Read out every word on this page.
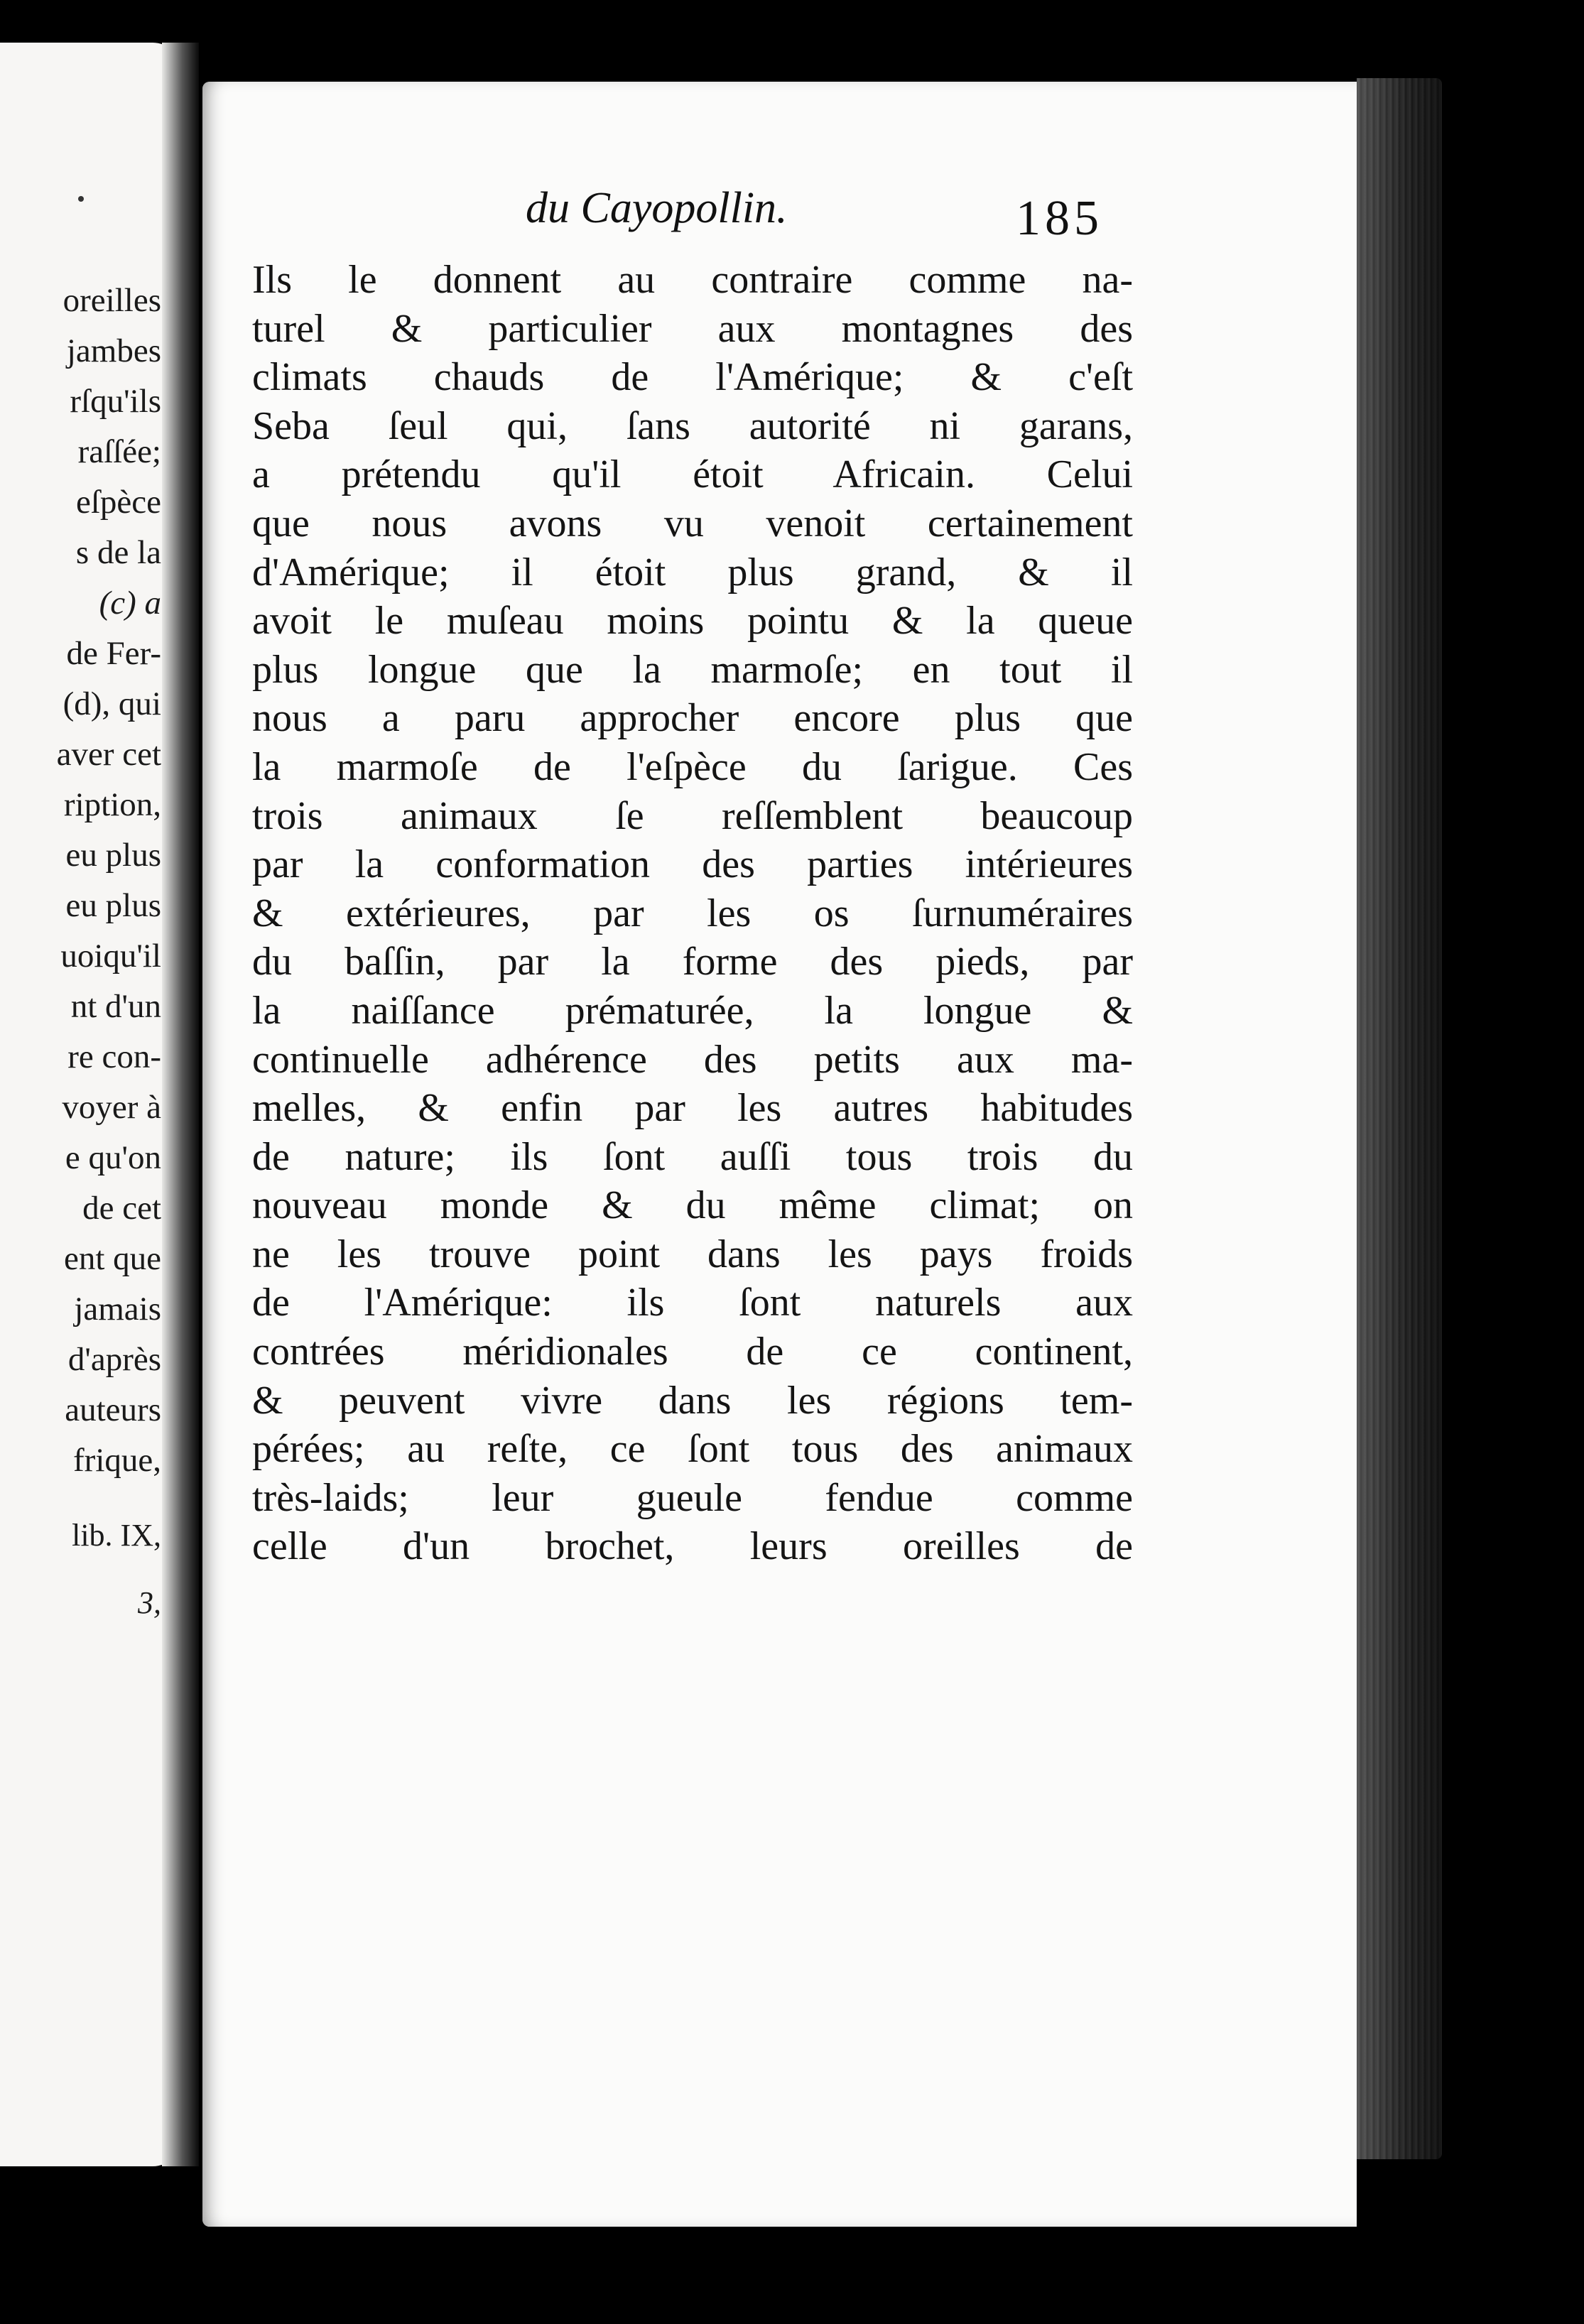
oreilles

jambes

rſqu'ils

raſſée;

eſpèce

s de la

(c) a

de Fer-

(d), qui

aver cet

ription,

eu plus

eu plus

uoiqu'il

nt d'un

re con-

voyer à

e qu'on

de cet

ent que

jamais

d'après

auteurs

frique,

lib. IX,

3,

du Cayopollin.	185

Ils le donnent au contraire comme na-
turel & particulier aux montagnes des
climats chauds de l'Amérique; & c'eſt
Seba ſeul qui, ſans autorité ni garans,
a prétendu qu'il étoit Africain. Celui
que nous avons vu venoit certainement
d'Amérique; il étoit plus grand, & il
avoit le muſeau moins pointu & la queue
plus longue que la marmoſe; en tout il
nous a paru approcher encore plus que
la marmoſe de l'eſpèce du ſarigue. Ces
trois animaux ſe reſſemblent beaucoup
par la conformation des parties intérieures
& extérieures, par les os ſurnuméraires
du baſſin, par la forme des pieds, par
la naiſſance prématurée, la longue &
continuelle adhérence des petits aux ma-
melles, & enfin par les autres habitudes
de nature; ils ſont auſſi tous trois du
nouveau monde & du même climat; on
ne les trouve point dans les pays froids
de l'Amérique: ils ſont naturels aux
contrées méridionales de ce continent,
& peuvent vivre dans les régions tem-
pérées; au reſte, ce ſont tous des animaux
très-laids; leur gueule fendue comme
celle d'un brochet, leurs oreilles de
